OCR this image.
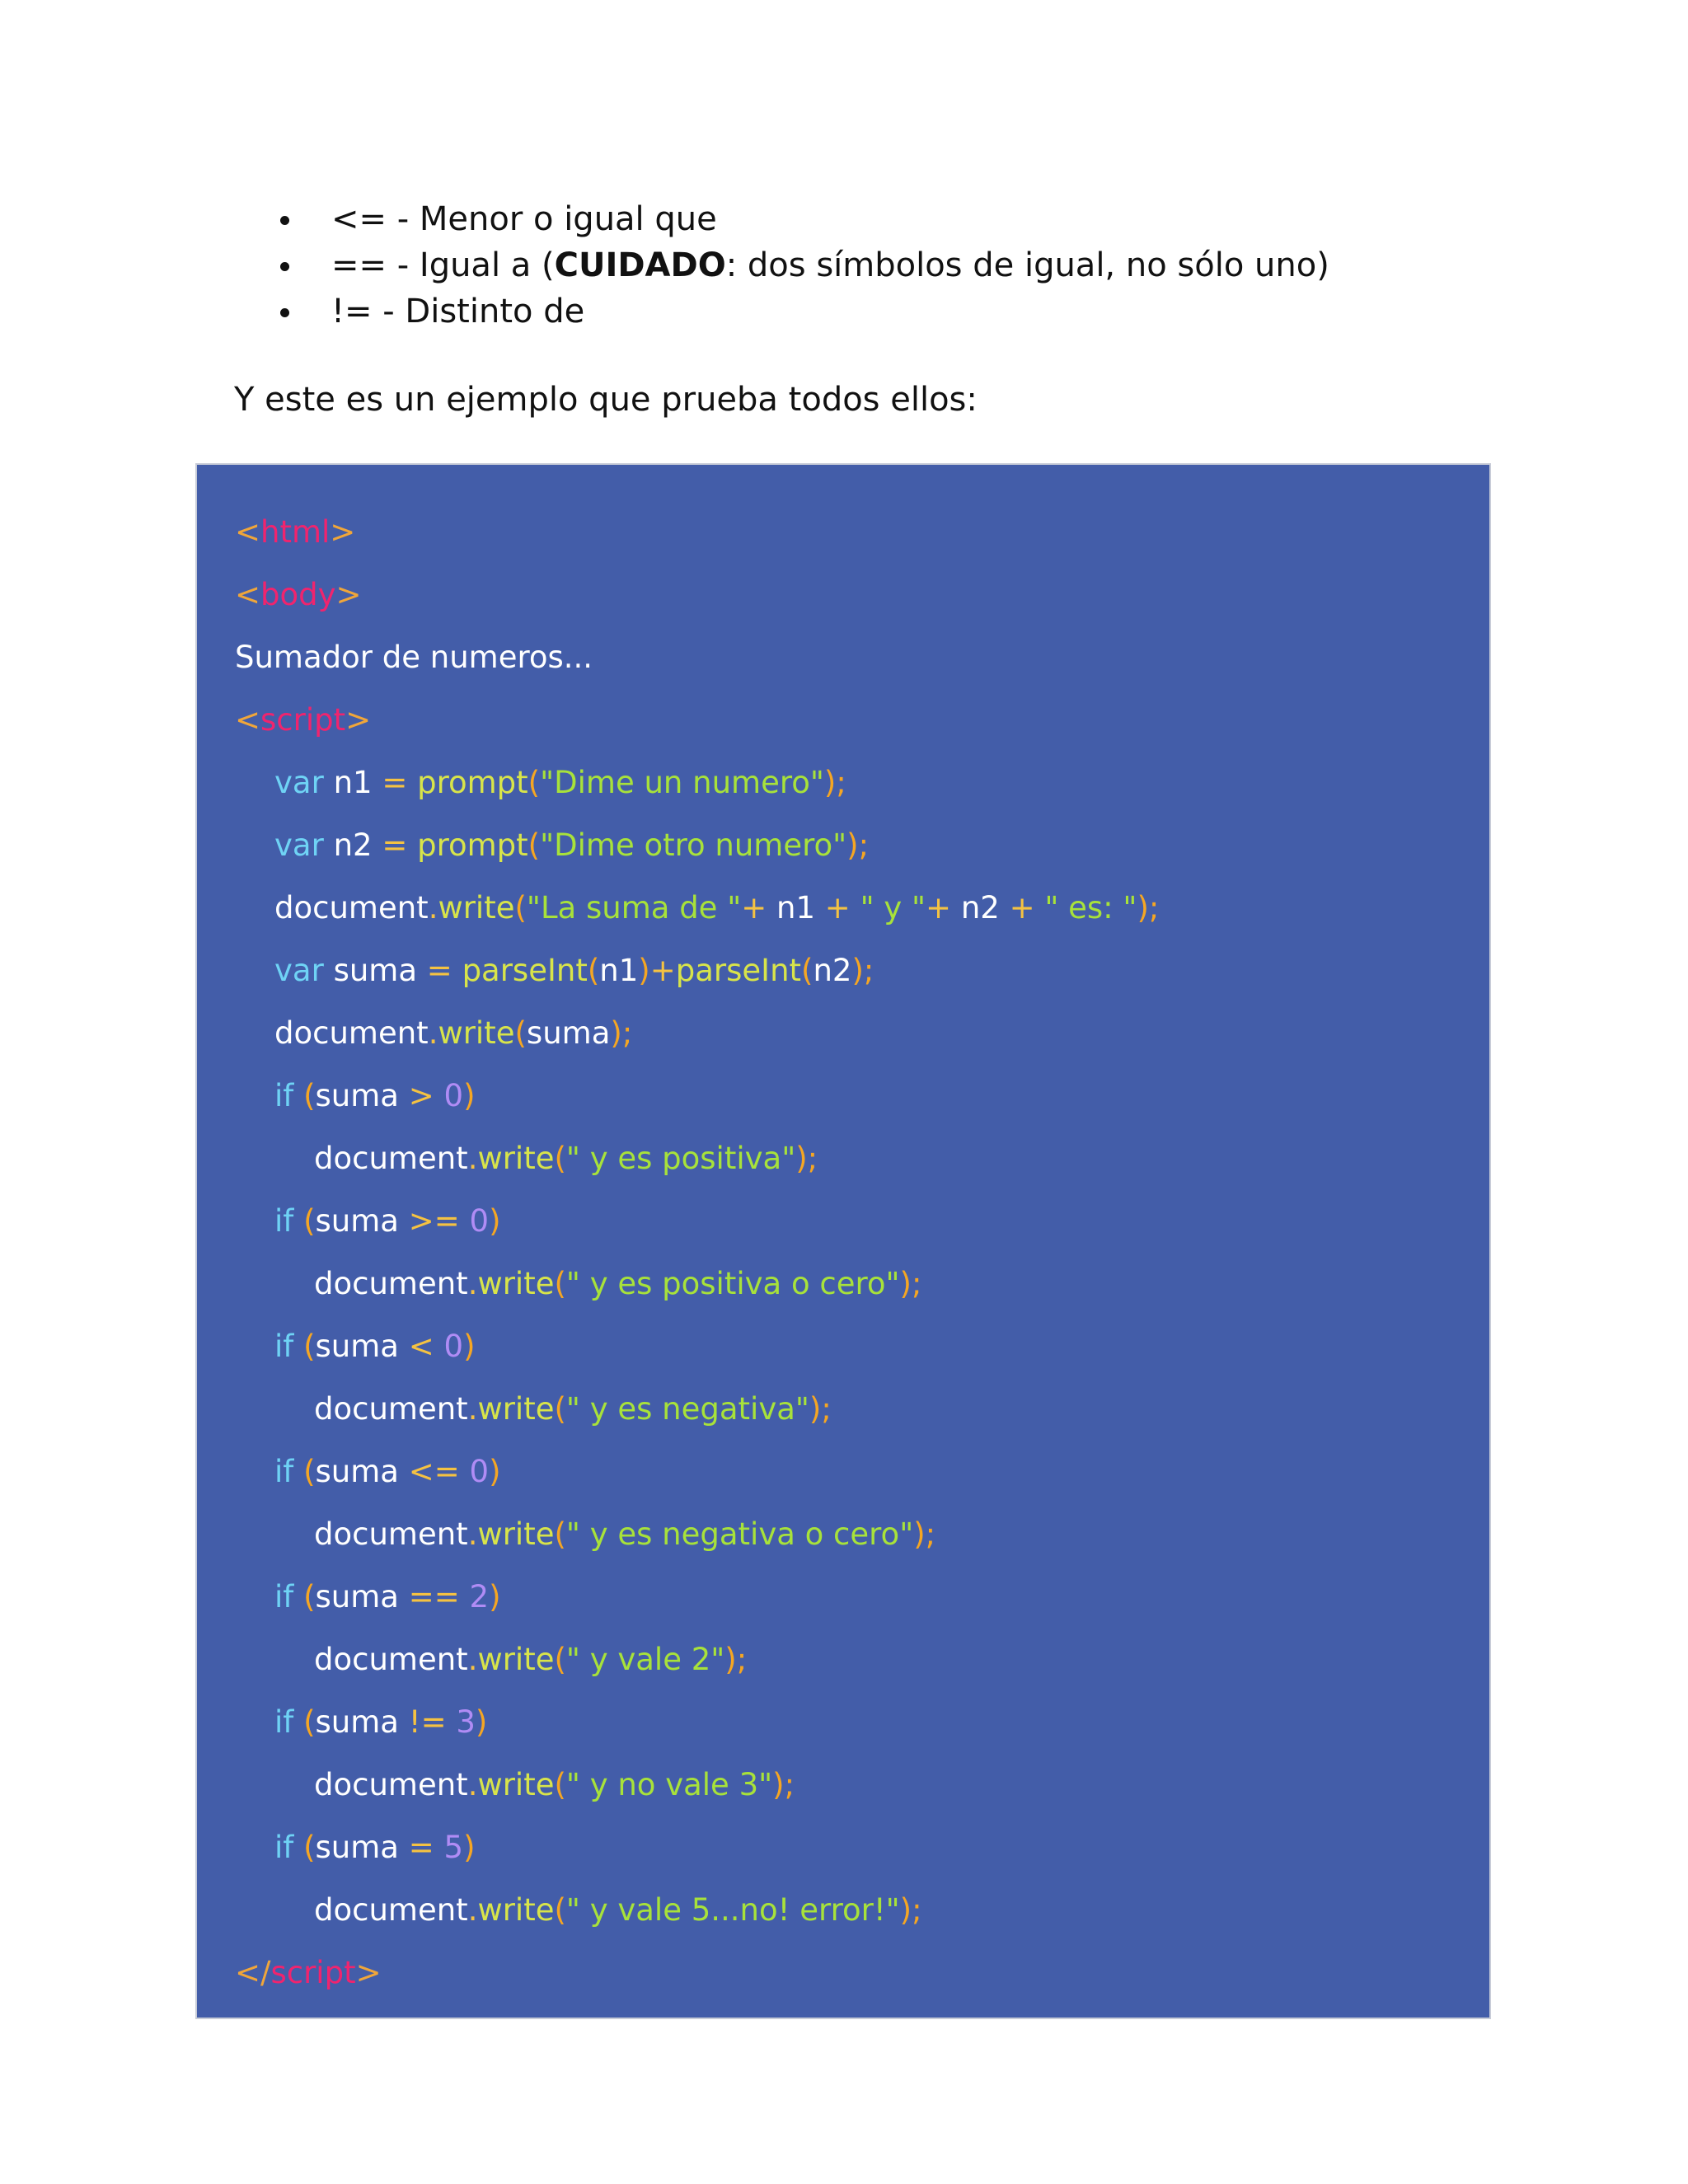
<= - Menor o igual que
== - Igual a (CUIDADO: dos símbolos de igual, no sólo uno)
!= - Distinto de
Y este es un ejemplo que prueba todos ellos:
<html>
<body>
Sumador de numeros...
<script>
var n1 = prompt("Dime un numero");
var n2 = prompt("Dime otro numero");
document.write("La suma de "+ n1 + " y "+ n2 + " es: ");
var suma = parseInt(n1)+parseInt(n2);
document.write(suma);
if (suma > 0)
document.write(" y es positiva");
if (suma >= 0)
document.write(" y es positiva o cero");
if (suma < 0)
document.write(" y es negativa");
if (suma <= 0)
document.write(" y es negativa o cero");
if (suma == 2)
document.write(" y vale 2");
if (suma != 3)
document.write(" y no vale 3");
if (suma = 5)
document.write(" y vale 5...no! error!");
</script>
